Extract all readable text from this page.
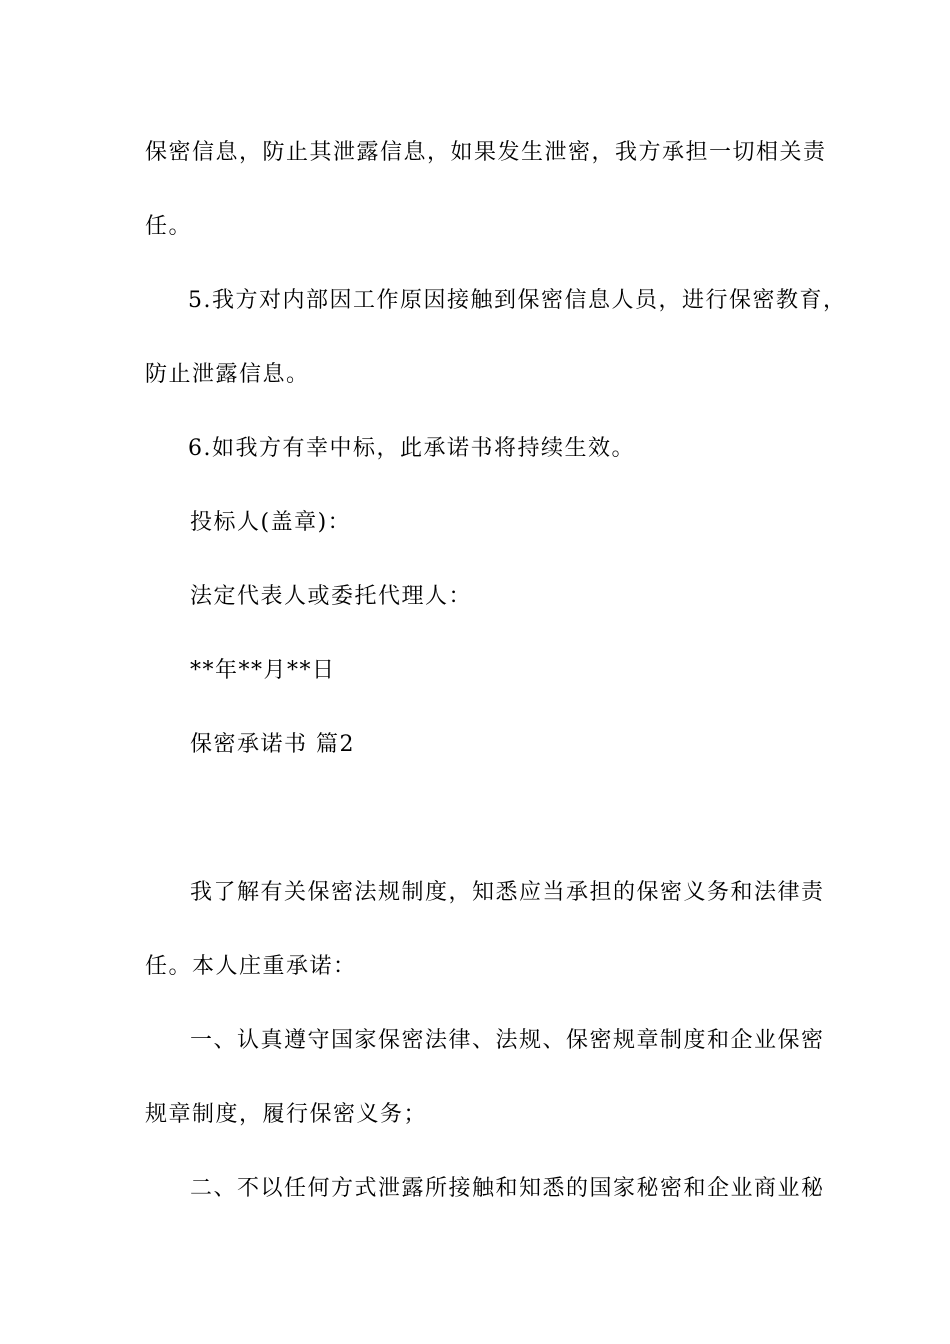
保密信息，防止其泄露信息，如果发生泄密，我方承担一切相关责
任。
5.我方对内部因工作原因接触到保密信息人员，进行保密教育，
防止泄露信息。
6.如我方有幸中标，此承诺书将持续生效。
投标人(盖章)：
法定代表人或委托代理人：
**年**月**日
保密承诺书 篇2
我了解有关保密法规制度，知悉应当承担的保密义务和法律责
任。本人庄重承诺：
一、认真遵守国家保密法律、法规、保密规章制度和企业保密
规章制度，履行保密义务；
二、不以任何方式泄露所接触和知悉的国家秘密和企业商业秘
